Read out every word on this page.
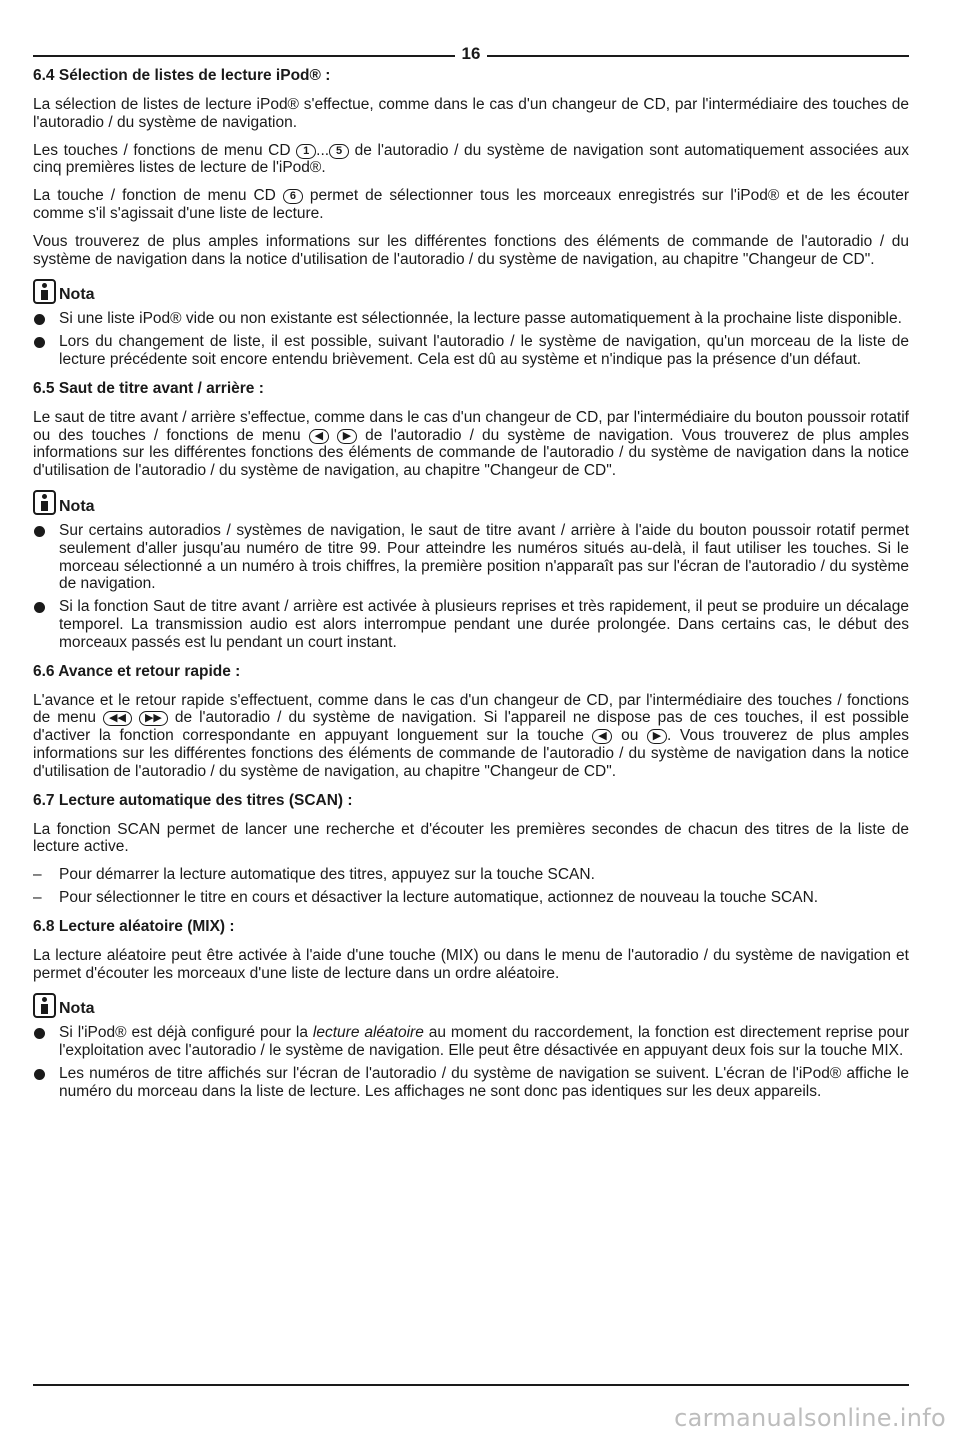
16
6.4 Sélection de listes de lecture iPod® :

La sélection de listes de lecture iPod® s'effectue, comme dans le cas d'un changeur de CD, par l'intermédiaire des touches de l'autoradio / du système de navigation.

Les touches / fonctions de menu CD 1 ... 5 de l'autoradio / du système de navigation sont automatiquement associées aux cinq premières listes de lecture de l'iPod®.

La touche / fonction de menu CD 6 permet de sélectionner tous les morceaux enregistrés sur l'iPod® et de les écouter comme s'il s'agissait d'une liste de lecture.

Vous trouverez de plus amples informations sur les différentes fonctions des éléments de commande de l'autoradio / du système de navigation dans la notice d'utilisation de l'autoradio / du système de navigation, au chapitre "Changeur de CD".

Nota
Si une liste iPod® vide ou non existante est sélectionnée, la lecture passe automatiquement à la prochaine liste disponible.
Lors du changement de liste, il est possible, suivant l'autoradio / le système de navigation, qu'un morceau de la liste de lecture précédente soit encore entendu brièvement. Cela est dû au système et n'indique pas la présence d'un défaut.
6.5 Saut de titre avant / arrière :

Le saut de titre avant / arrière s'effectue, comme dans le cas d'un changeur de CD, par l'intermédiaire du bouton poussoir rotatif ou des touches / fonctions de menu ◀ ▶ de l'autoradio / du système de navigation. Vous trouverez de plus amples informations sur les différentes fonctions des éléments de commande de l'autoradio / du système de navigation dans la notice d'utilisation de l'autoradio / du système de navigation, au chapitre "Changeur de CD".

Nota
Sur certains autoradios / systèmes de navigation, le saut de titre avant / arrière à l'aide du bouton poussoir rotatif permet seulement d'aller jusqu'au numéro de titre 99. Pour atteindre les numéros situés au-delà, il faut utiliser les touches. Si le morceau sélectionné a un numéro à trois chiffres, la première position n'apparaît pas sur l'écran de l'autoradio / du système de navigation.
Si la fonction Saut de titre avant / arrière est activée à plusieurs reprises et très rapidement, il peut se produire un décalage temporel. La transmission audio est alors interrompue pendant une durée prolongée. Dans certains cas, le début des morceaux passés est lu pendant un court instant.
6.6 Avance et retour rapide :

L'avance et le retour rapide s'effectuent, comme dans le cas d'un changeur de CD, par l'intermédiaire des touches / fonctions de menu ◀◀ ▶▶ de l'autoradio / du système de navigation. Si l'appareil ne dispose pas de ces touches, il est possible d'activer la fonction correspondante en appuyant longuement sur la touche ◀ ou ▶ . Vous trouverez de plus amples informations sur les différentes fonctions des éléments de commande de l'autoradio / du système de navigation dans la notice d'utilisation de l'autoradio / du système de navigation, au chapitre "Changeur de CD".

6.7 Lecture automatique des titres (SCAN) :

La fonction SCAN permet de lancer une recherche et d'écouter les premières secondes de chacun des titres de la liste de lecture active.

– Pour démarrer la lecture automatique des titres, appuyez sur la touche SCAN.
– Pour sélectionner le titre en cours et désactiver la lecture automatique, actionnez de nouveau la touche SCAN.
6.8 Lecture aléatoire (MIX) :

La lecture aléatoire peut être activée à l'aide d'une touche (MIX) ou dans le menu de l'autoradio / du système de navigation et permet d'écouter les morceaux d'une liste de lecture dans un ordre aléatoire.

Nota
Si l'iPod® est déjà configuré pour la lecture aléatoire au moment du raccordement, la fonction est directement reprise pour l'exploitation avec l'autoradio / le système de navigation. Elle peut être désactivée en appuyant deux fois sur la touche MIX.
Les numéros de titre affichés sur l'écran de l'autoradio / du système de navigation se suivent. L'écran de l'iPod® affiche le numéro du morceau dans la liste de lecture. Les affichages ne sont donc pas identiques sur les deux appareils.
carmanualsonline.info
